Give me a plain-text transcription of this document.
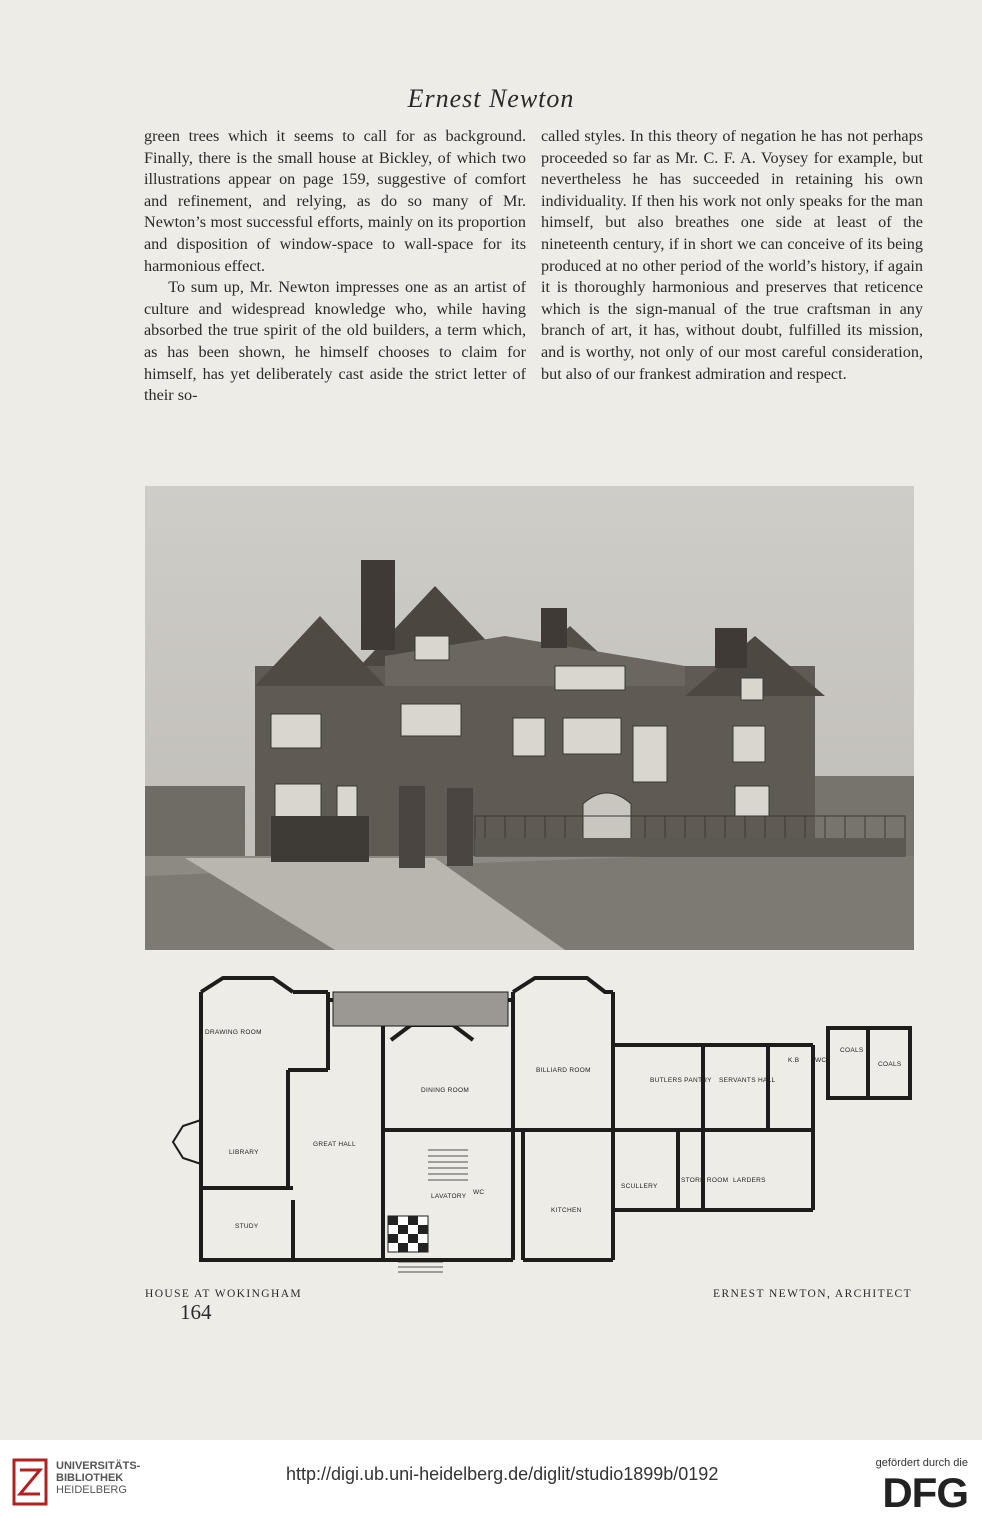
Ernest Newton

green trees which it seems to call for as background. Finally, there is the small house at Bickley, of which two illustrations appear on page 159, suggestive of comfort and refinement, and relying, as do so many of Mr. Newton’s most successful efforts, mainly on its proportion and disposition of window-space to wall-space for its harmonious effect.

To sum up, Mr. Newton impresses one as an artist of culture and widespread knowledge who, while having absorbed the true spirit of the old builders, a term which, as has been shown, he himself chooses to claim for himself, has yet deliberately cast aside the strict letter of their so-

called styles. In this theory of negation he has not perhaps proceeded so far as Mr. C. F. A. Voysey for example, but nevertheless he has succeeded in retaining his own individuality. If then his work not only speaks for the man himself, but also breathes one side at least of the nineteenth century, if in short we can conceive of its being produced at no other period of the world’s history, if again it is thoroughly harmonious and preserves that reticence which is the sign-manual of the true craftsman in any branch of art, it has, without doubt, fulfilled its mission, and is worthy, not only of our most careful consideration, but also of our frankest admiration and respect.

DRAWING ROOM
DINING ROOM
BILLIARD ROOM
BUTLERS PANTRY SERVANTS HALL
COALS
COALS
K.B WC
LIBRARY
GREAT HALL
LAVATORY
WC
SCULLERY
STORE ROOM LARDERS
KITCHEN
STUDY
HOUSE AT WOKINGHAM	ERNEST NEWTON, ARCHITECT
164
UNIVERSITÄTS-
BIBLIOTHEK
HEIDELBERG
http://digi.ub.uni-heidelberg.de/diglit/studio1899b/0192
gefördert durch die
DFG
